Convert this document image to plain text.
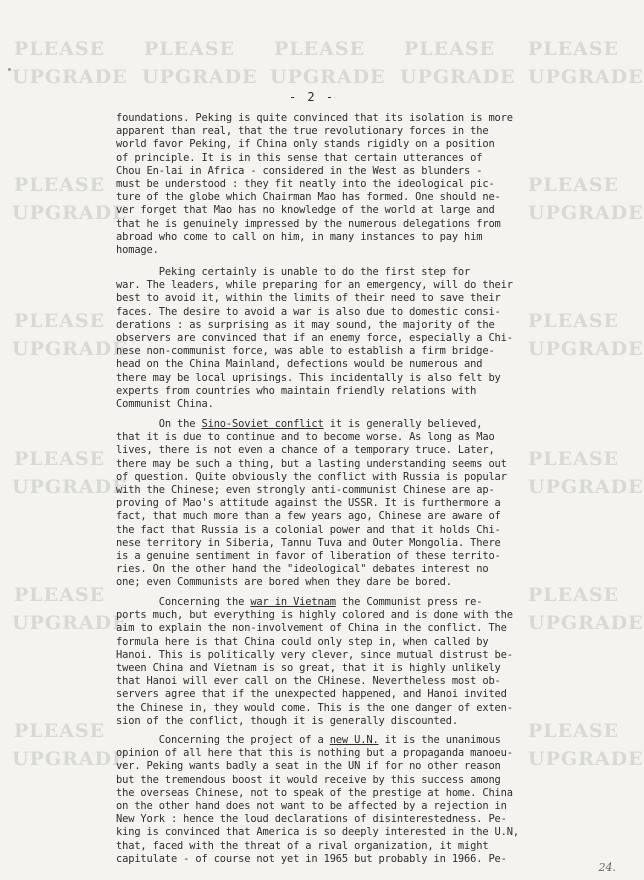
PLEASE PLEASE PLEASE PLEASE PLEASE
UPGRADE UPGRADE UPGRADE UPGRADE UPGRADE
PLEASE	PLEASE
UPGRADE	UPGRADE
PLEASE	PLEASE
UPGRADE	UPGRADE
PLEASE	PLEASE
UPGRADE	UPGRADE
PLEASE	PLEASE
UPGRADE	UPGRADE
PLEASE	PLEASE
UPGRADE	UPGRADE
- 2 -

foundations. Peking is quite convinced that its isolation is more
apparent than real, that the true revolutionary forces in the
world favor Peking, if China only stands rigidly on a position
of principle. It is in this sense that certain utterances of
Chou En-lai in Africa - considered in the West as blunders -
must be understood : they fit neatly into the ideological pic-
ture of the globe which Chairman Mao has formed. One should ne-
ver forget that Mao has no knowledge of the world at large and
that he is genuinely impressed by the numerous delegations from
abroad who come to call on him, in many instances to pay him
homage.

Peking certainly is unable to do the first step for
war. The leaders, while preparing for an emergency, will do their
best to avoid it, within the limits of their need to save their
faces. The desire to avoid a war is also due to domestic consi-
derations : as surprising as it may sound, the majority of the
observers are convinced that if an enemy force, especially a Chi-
nese non-communist force, was able to establish a firm bridge-
head on the China Mainland, defections would be numerous and
there may be local uprisings. This incidentally is also felt by
experts from countries who maintain friendly relations with
Communist China.

On the Sino-Soviet conflict it is generally believed,
that it is due to continue and to become worse. As long as Mao
lives, there is not even a chance of a temporary truce. Later,
there may be such a thing, but a lasting understanding seems out
of question. Quite obviously the conflict with Russia is popular
with the Chinese; even strongly anti-communist Chinese are ap-
proving of Mao's attitude against the USSR. It is furthermore a
fact, that much more than a few years ago, Chinese are aware of
the fact that Russia is a colonial power and that it holds Chi-
nese territory in Siberia, Tannu Tuva and Outer Mongolia. There
is a genuine sentiment in favor of liberation of these territo-
ries. On the other hand the "ideological" debates interest no
one; even Communists are bored when they dare be bored.

Concerning the war in Vietnam the Communist press re-
ports much, but everything is highly colored and is done with the
aim to explain the non-involvement of China in the conflict. The
formula here is that China could only step in, when called by
Hanoi. This is politically very clever, since mutual distrust be-
tween China and Vietnam is so great, that it is highly unlikely
that Hanoi will ever call on the CHinese. Nevertheless most ob-
servers agree that if the unexpected happened, and Hanoi invited
the Chinese in, they would come. This is the one danger of exten-
sion of the conflict, though it is generally discounted.

Concerning the project of a new U.N. it is the unanimous
opinion of all here that this is nothing but a propaganda manoeu-
ver. Peking wants badly a seat in the UN if for no other reason
but the tremendous boost it would receive by this success among
the overseas Chinese, not to speak of the prestige at home. China
on the other hand does not want to be affected by a rejection in
New York : hence the loud declarations of disinterestedness. Pe-
king is convinced that America is so deeply interested in the U.N,
that, faced with the threat of a rival organization, it might
capitulate - of course not yet in 1965 but probably in 1966. Pe-

24.
